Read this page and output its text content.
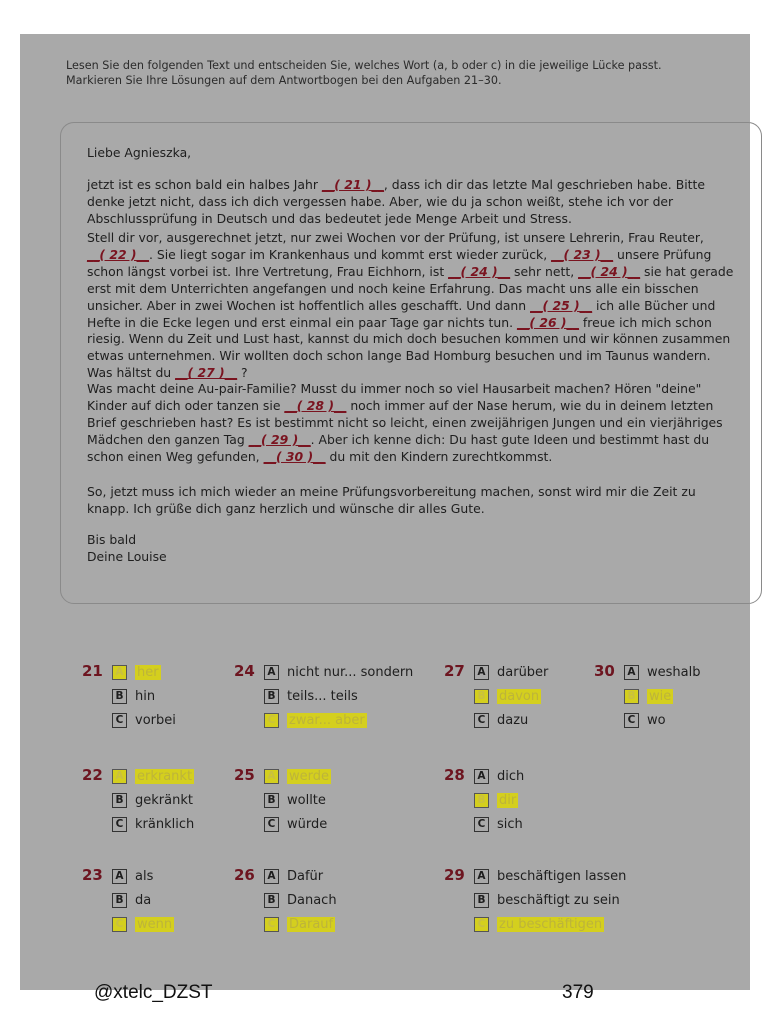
Lesen Sie den folgenden Text und entscheiden Sie, welches Wort (a, b oder c) in die jeweilige Lücke passt. Markieren Sie Ihre Lösungen auf dem Antwortbogen bei den Aufgaben 21–30.
Liebe Agnieszka,

jetzt ist es schon bald ein halbes Jahr __( 21 )__, dass ich dir das letzte Mal geschrieben habe. Bitte denke jetzt nicht, dass ich dich vergessen habe. Aber, wie du ja schon weißt, stehe ich vor der Abschlussprüfung in Deutsch und das bedeutet jede Menge Arbeit und Stress.

Stell dir vor, ausgerechnet jetzt, nur zwei Wochen vor der Prüfung, ist unsere Lehrerin, Frau Reuter, __( 22 )__. Sie liegt sogar im Krankenhaus und kommt erst wieder zurück, __( 23 )__ unsere Prüfung schon längst vorbei ist. Ihre Vertretung, Frau Eichhorn, ist __( 24 )__ sehr nett, __( 24 )__ sie hat gerade erst mit dem Unterrichten angefangen und noch keine Erfahrung. Das macht uns alle ein bisschen unsicher. Aber in zwei Wochen ist hoffentlich alles geschafft. Und dann __( 25 )__ ich alle Bücher und Hefte in die Ecke legen und erst einmal ein paar Tage gar nichts tun. __( 26 )__ freue ich mich schon riesig. Wenn du Zeit und Lust hast, kannst du mich doch besuchen kommen und wir können zusammen etwas unternehmen. Wir wollten doch schon lange Bad Homburg besuchen und im Taunus wandern. Was hältst du __( 27 )__ ?

Was macht deine Au-pair-Familie? Musst du immer noch so viel Hausarbeit machen? Hören "deine" Kinder auf dich oder tanzen sie __( 28 )__ noch immer auf der Nase herum, wie du in deinem letzten Brief geschrieben hast? Es ist bestimmt nicht so leicht, einen zweijährigen Jungen und ein vierjähriges Mädchen den ganzen Tag __( 29 )__. Aber ich kenne dich: Du hast gute Ideen und bestimmt hast du schon einen Weg gefunden, __( 30 )__ du mit den Kindern zurechtkommst.

So, jetzt muss ich mich wieder an meine Prüfungsvorbereitung machen, sonst wird mir die Zeit zu knapp. Ich grüße dich ganz herzlich und wünsche dir alles Gute.
Bis bald
Deine Louise
21	A her
B hin
C vorbei
22	A erkrankt
B gekränkt
C kränklich
23	A als
B da
C wenn
24	A nicht nur... sondern
B teils... teils
C zwar... aber
25	A werde
B wollte
C würde
26	A Dafür
B Danach
C Darauf
27	A darüber
B davon
C dazu
28	A dich
B dir
C sich
29	A beschäftigen lassen
B beschäftigt zu sein
C zu beschäftigen
30	A weshalb
B wie
C wo
@xtelc_DZST	379
